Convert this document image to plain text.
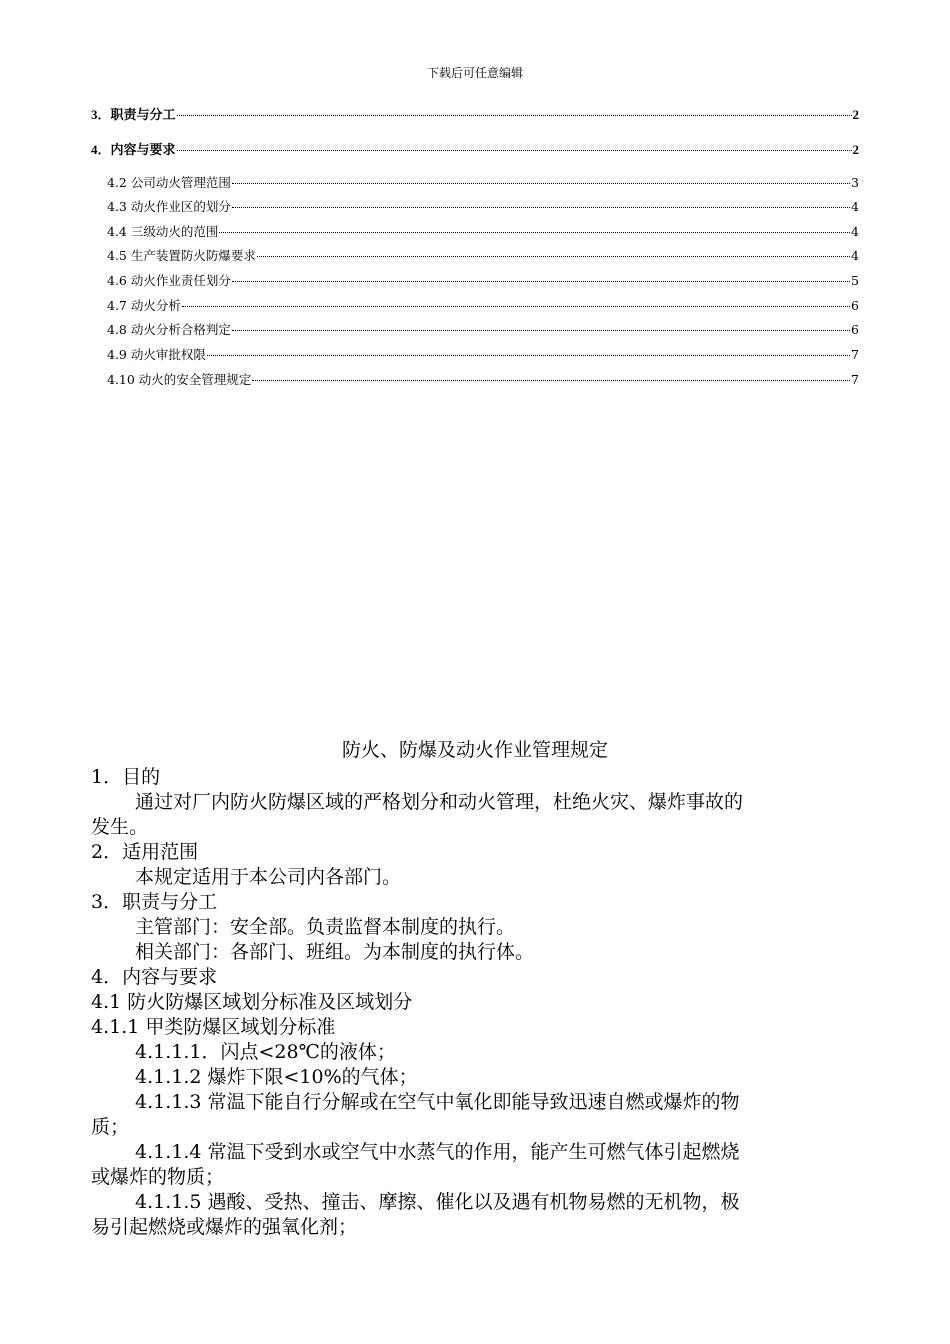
下载后可任意编辑
3．职责与分工	2
4．内容与要求	2
4.2 公司动火管理范围	3
4.3 动火作业区的划分	4
4.4 三级动火的范围	4
4.5 生产装置防火防爆要求	4
4.6 动火作业责任划分	5
4.7 动火分析	6
4.8 动火分析合格判定	6
4.9 动火审批权限	7
4.10 动火的安全管理规定	7
防火、防爆及动火作业管理规定
1．目的
通过对厂内防火防爆区域的严格划分和动火管理，杜绝火灾、爆炸事故的
发生。
2．适用范围
本规定适用于本公司内各部门。
3．职责与分工
主管部门：安全部。负责监督本制度的执行。
相关部门：各部门、班组。为本制度的执行体。
4．内容与要求
4.1 防火防爆区域划分标准及区域划分
4.1.1 甲类防爆区域划分标准
4.1.1.1．闪点<28℃的液体；
4.1.1.2 爆炸下限<10%的气体；
4.1.1.3 常温下能自行分解或在空气中氧化即能导致迅速自燃或爆炸的物
质；
4.1.1.4 常温下受到水或空气中水蒸气的作用，能产生可燃气体引起燃烧
或爆炸的物质；
4.1.1.5 遇酸、受热、撞击、摩擦、催化以及遇有机物易燃的无机物，极
易引起燃烧或爆炸的强氧化剂；
